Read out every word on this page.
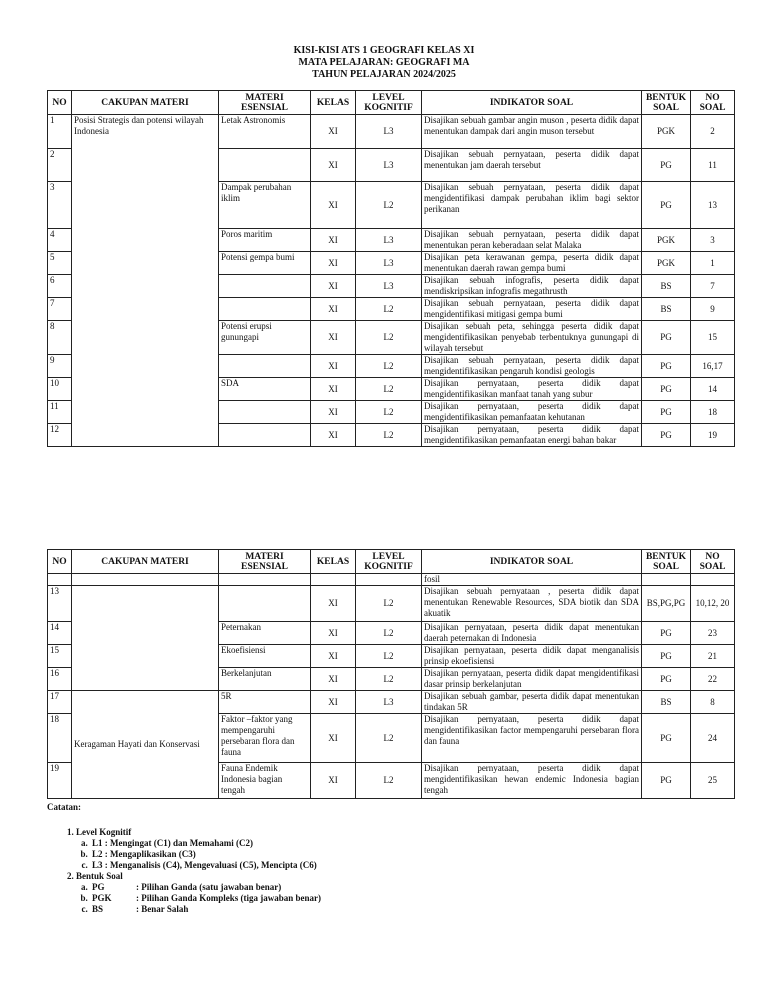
KISI-KISI ATS 1 GEOGRAFI KELAS XI
MATA PELAJARAN: GEOGRAFI MA
TAHUN PELAJARAN 2024/2025
NO	CAKUPAN MATERI	MATERI ESENSIAL	KELAS	LEVEL KOGNITIF	INDIKATOR SOAL	BENTUK SOAL	NO SOAL
1	Posisi Strategis dan potensi wilayah Indonesia	Letak Astronomis	XI	L3	Disajikan sebuah gambar angin muson , peserta didik dapat menentukan dampak dari angin muson tersebut	PGK	2
2			XI	L3	Disajikan sebuah pernyataan, peserta didik dapat menentukan jam daerah tersebut	PG	11
3		Dampak perubahan iklim	XI	L2	Disajikan sebuah pernyataan, peserta didik dapat mengidentifikasi dampak perubahan iklim bagi sektor perikanan	PG	13
4		Poros maritim	XI	L3	Disajikan sebuah pernyataan, peserta didik dapat menentukan peran keberadaan selat Malaka	PGK	3
5		Potensi gempa bumi	XI	L3	Disajikan peta kerawanan gempa, peserta didik dapat menentukan daerah rawan gempa bumi	PGK	1
6			XI	L3	Disajikan sebuah infografis, peserta didik dapat mendiskripsikan infografis megathrusth	BS	7
7			XI	L2	Disajikan sebuah pernyataan, peserta didik dapat mengidentifikasi mitigasi gempa bumi	BS	9
8		Potensi erupsi gunungapi	XI	L2	Disajikan sebuah peta, sehingga peserta didik dapat mengidentifikasikan penyebab terbentuknya gunungapi di wilayah tersebut	PG	15
9			XI	L2	Disajikan sebuah pernyataan, peserta didik dapat mengidentifikasikan pengaruh kondisi geologis	PG	16,17
10		SDA	XI	L2	Disajikan pernyataan, peserta didik dapat mengidentifikasikan manfaat tanah yang subur	PG	14
11			XI	L2	Disajikan pernyataan, peserta didik dapat mengidentifikasikan pemanfaatan kehutanan	PG	18
12			XI	L2	Disajikan pernyataan, peserta didik dapat mengidentifikasikan pemanfaatan energi bahan bakar	PG	19
NO	CAKUPAN MATERI	MATERI ESENSIAL	KELAS	LEVEL KOGNITIF	INDIKATOR SOAL	BENTUK SOAL	NO SOAL
					fosil		
13			XI	L2	Disajikan sebuah pernyataan , peserta didik dapat menentukan Renewable Resources, SDA biotik dan SDA akuatik	BS,PG,PG	10,12, 20
14		Peternakan	XI	L2	Disajikan pernyataan, peserta didik dapat menentukan daerah peternakan di Indonesia	PG	23
15		Ekoefisiensi	XI	L2	Disajikan pernyataan, peserta didik dapat menganalisis prinsip ekoefisiensi	PG	21
16		Berkelanjutan	XI	L2	Disajikan pernyataan, peserta didik dapat mengidentifikasi dasar prinsip berkelanjutan	PG	22
17	Keragaman Hayati dan Konservasi	5R	XI	L3	Disajikan sebuah gambar, peserta didik dapat menentukan tindakan 5R	BS	8
18		Faktor –faktor yang mempengaruhi persebaran flora dan fauna	XI	L2	Disajikan pernyataan, peserta didik dapat mengidentifikasikan factor mempengaruhi persebaran flora dan fauna	PG	24
19		Fauna Endemik Indonesia bagian tengah	XI	L2	Disajikan pernyataan, peserta didik dapat mengidentifikasikan hewan endemic Indonesia bagian tengah	PG	25
Catatan:
1. Level Kognitif
a. L1 : Mengingat (C1) dan Memahami (C2)
b. L2 : Mengaplikasikan (C3)
c. L3 : Menganalisis (C4), Mengevaluasi (C5), Mencipta (C6)
2. Bentuk Soal
a. PG	: Pilihan Ganda (satu jawaban benar)
b. PGK	: Pilihan Ganda Kompleks (tiga jawaban benar)
c. BS	: Benar Salah
